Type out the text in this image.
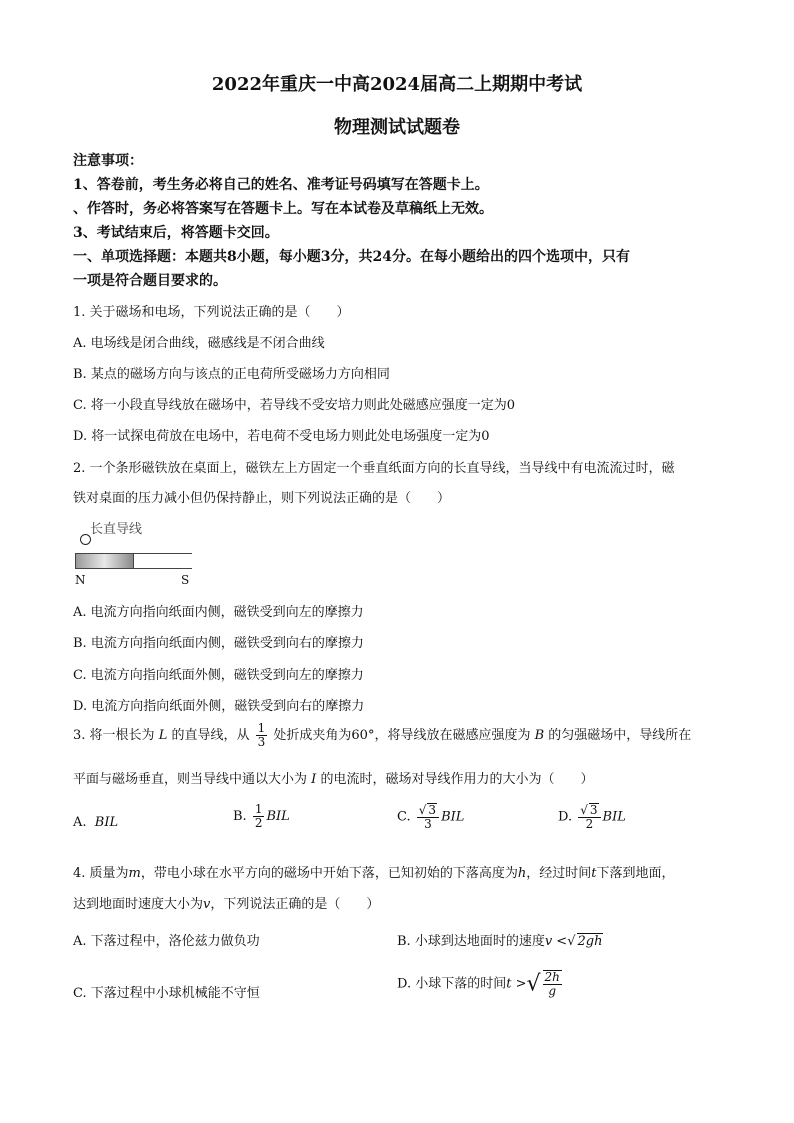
2022年重庆一中高2024届高二上期期中考试
物理测试试题卷
注意事项：
1、答卷前，考生务必将自己的姓名、准考证号码填写在答题卡上。
、作答时，务必将答案写在答题卡上。写在本试卷及草稿纸上无效。
3、考试结束后，将答题卡交回。
一、单项选择题：本题共8小题，每小题3分，共24分。在每小题给出的四个选项中，只有
一项是符合题目要求的。
1. 关于磁场和电场，下列说法正确的是（　　）
A. 电场线是闭合曲线，磁感线是不闭合曲线
B. 某点的磁场方向与该点的正电荷所受磁场力方向相同
C. 将一小段直导线放在磁场中，若导线不受安培力则此处磁感应强度一定为0
D. 将一试探电荷放在电场中，若电荷不受电场力则此处电场强度一定为0
2. 一个条形磁铁放在桌面上，磁铁左上方固定一个垂直纸面方向的长直导线，当导线中有电流流过时，磁
铁对桌面的压力减小但仍保持静止，则下列说法正确的是（　　）
长直导线
N	S
A. 电流方向指向纸面内侧，磁铁受到向左的摩擦力
B. 电流方向指向纸面内侧，磁铁受到向右的摩擦力
C. 电流方向指向纸面外侧，磁铁受到向左的摩擦力
D. 电流方向指向纸面外侧，磁铁受到向右的摩擦力
3. 将一根长为 L 的直导线，从 $\frac{1}{3}$ 处折成夹角为60°，将导线放在磁感应强度为 B 的匀强磁场中，导线所在
平面与磁场垂直，则当导线中通以大小为 I 的电流时，磁场对导线作用力的大小为（　　）
A. BIL	B. $\frac{1}{2}$ BIL	C. $\frac{√ 3}{3}$ BIL	D. $\frac{√ 3}{2}$ BIL
4. 质量为m，带电小球在水平方向的磁场中开始下落，已知初始的下落高度为h，经过时间t下落到地面，
达到地面时速度大小为v，下列说法正确的是（　　）
A. 下落过程中，洛伦兹力做负功	B. 小球到达地面时的速度v <√ 2gh
C. 下落过程中小球机械能不守恒
D. 小球下落的时间t >√ $\frac{2h}{g}$
